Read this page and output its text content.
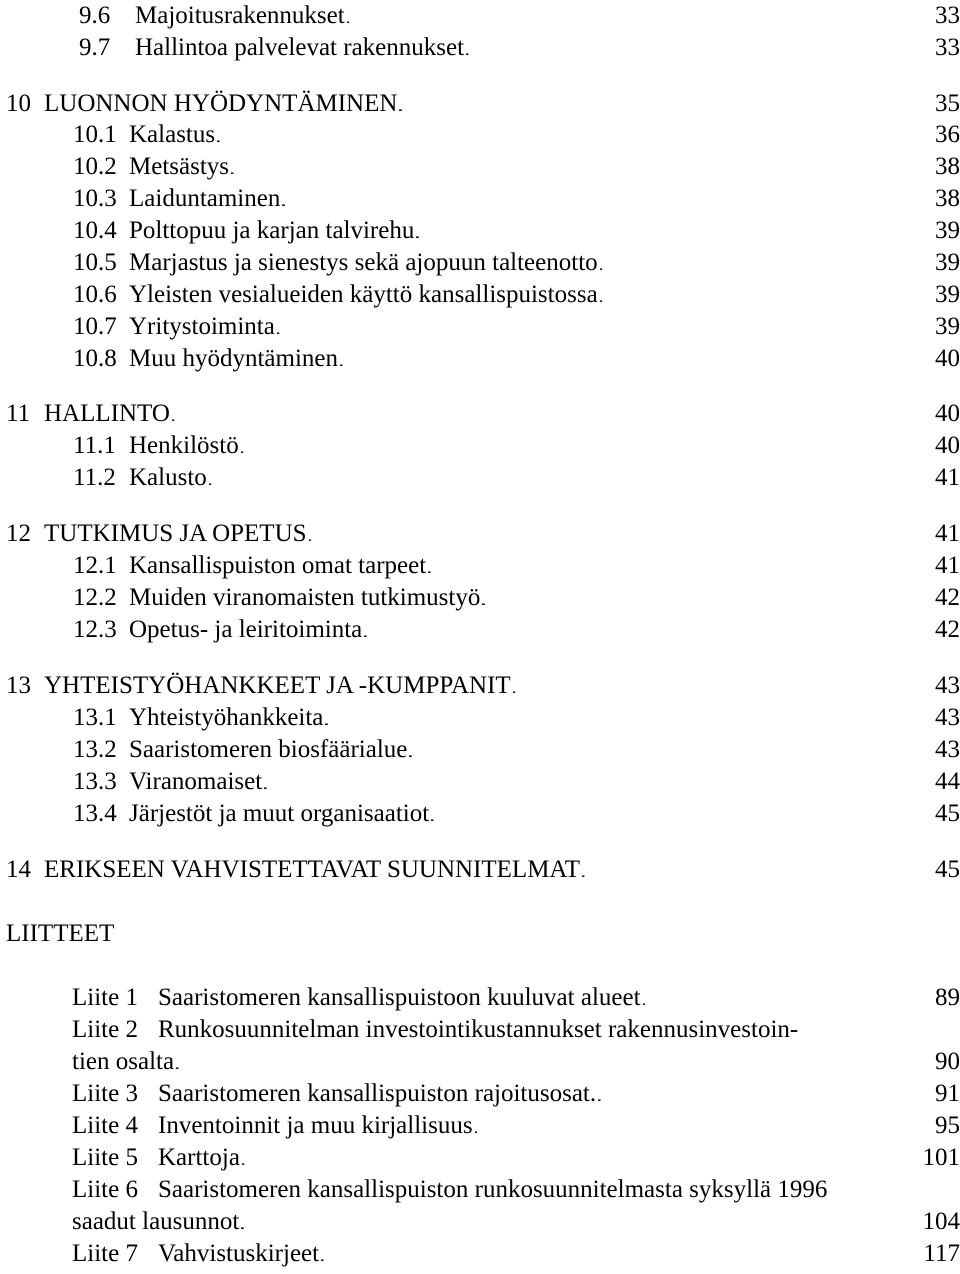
9.6 Majoitusrakennukset . . .	33
9.7 Hallintoa palvelevat rakennukset . . .	33
10 LUONNON HYÖDYNTÄMINEN . . .	35
10.1 Kalastus . . .	36
10.2 Metsästys . . .	38
10.3 Laiduntaminen . . .	38
10.4 Polttopuu ja karjan talvirehu . . .	39
10.5 Marjastus ja sienestys sekä ajopuun talteenotto . . .	39
10.6 Yleisten vesialueiden käyttö kansallispuistossa . . .	39
10.7 Yritystoiminta . . .	39
10.8 Muu hyödyntäminen . . .	40
11 HALLINTO . . .	40
11.1 Henkilöstö . . .	40
11.2 Kalusto . . .	41
12 TUTKIMUS JA OPETUS . . .	41
12.1 Kansallispuiston omat tarpeet . . .	41
12.2 Muiden viranomaisten tutkimustyö . . .	42
12.3 Opetus- ja leiritoiminta . . .	42
13 YHTEISTYÖHANKKEET JA -KUMPPANIT . . .	43
13.1 Yhteistyöhankkeita . . .	43
13.2 Saaristomeren biosfäärialue . . .	43
13.3 Viranomaiset . . .	44
13.4 Järjestöt ja muut organisaatiot . . .	45
14 ERIKSEEN VAHVISTETTAVAT SUUNNITELMAT . . .	45
LIITTEET
Liite 1 Saaristomeren kansallispuistoon kuuluvat alueet . . .	89
Liite 2 Runkosuunnitelman investointikustannukset rakennusinvestoin-
tien osalta . . .	90
Liite 3 Saaristomeren kansallispuiston rajoitusosat. . . .	91
Liite 4 Inventoinnit ja muu kirjallisuus . . .	95
Liite 5 Karttoja . . .	101
Liite 6 Saaristomeren kansallispuiston runkosuunnitelmasta syksyllä 1996
saadut lausunnot . . .	104
Liite 7 Vahvistuskirjeet . . .	117
